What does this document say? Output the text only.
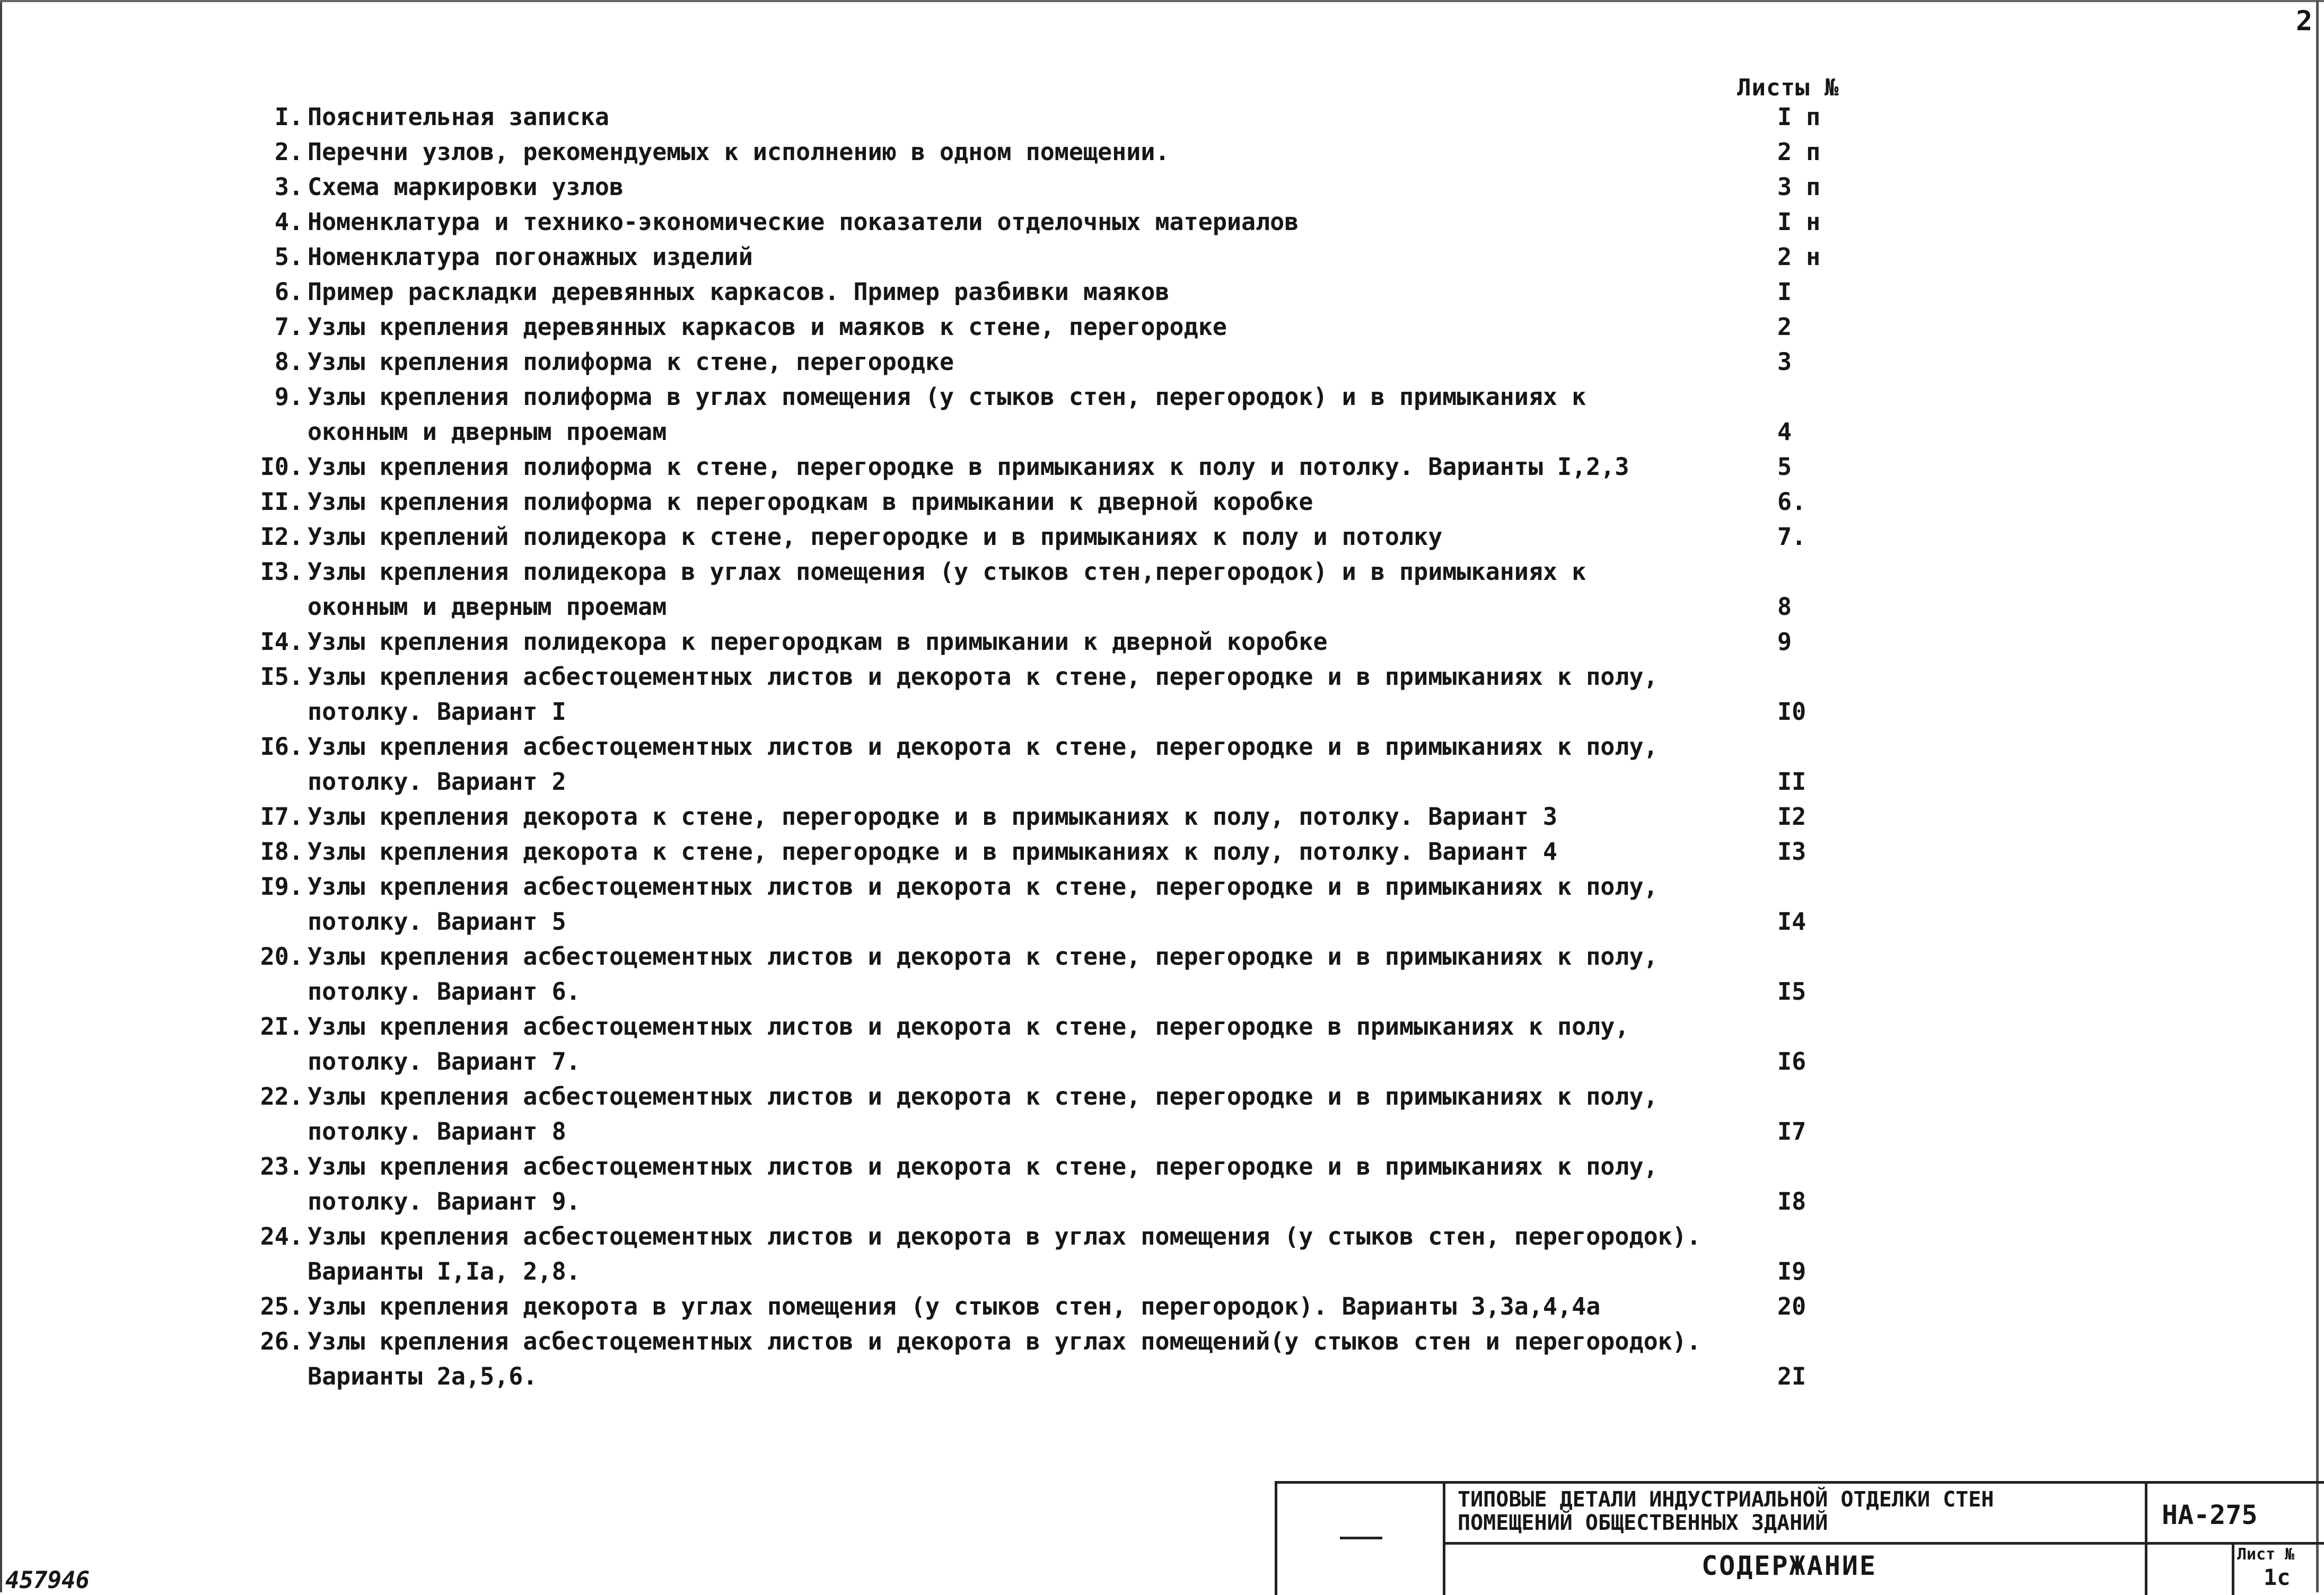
2
Листы №
I. Пояснительная записка	I п
2. Перечни узлов, рекомендуемых к исполнению в одном помещении.	2 п
3. Схема маркировки узлов	3 п
4. Номенклатура и технико-экономические показатели отделочных материалов	I н
5. Номенклатура погонажных изделий	2 н
6. Пример раскладки деревянных каркасов. Пример разбивки маяков	I
7. Узлы крепления деревянных каркасов и маяков к стене, перегородке	2
8. Узлы крепления полиформа к стене, перегородке	3
9. Узлы крепления полиформа в углах помещения (у стыков стен, перегородок) и в примыканиях к
оконным и дверным проемам	4
I0. Узлы крепления полиформа к стене, перегородке в примыканиях к полу и потолку. Варианты I,2,3	5
II. Узлы крепления полиформа к перегородкам в примыкании к дверной коробке	6.
I2. Узлы креплений полидекора к стене, перегородке и в примыканиях к полу и потолку	7.
I3. Узлы крепления полидекора в углах помещения (у стыков стен,перегородок) и в примыканиях к
оконным и дверным проемам	8
I4. Узлы крепления полидекора к перегородкам в примыкании к дверной коробке	9
I5. Узлы крепления асбестоцементных листов и декорота к стене, перегородке и в примыканиях к полу,
потолку. Вариант I	I0
I6. Узлы крепления асбестоцементных листов и декорота к стене, перегородке и в примыканиях к полу,
потолку. Вариант 2	II
I7. Узлы крепления декорота к стене, перегородке и в примыканиях к полу, потолку. Вариант 3	I2
I8. Узлы крепления декорота к стене, перегородке и в примыканиях к полу, потолку. Вариант 4	I3
I9. Узлы крепления асбестоцементных листов и декорота к стене, перегородке и в примыканиях к полу,
потолку. Вариант 5	I4
20. Узлы крепления асбестоцементных листов и декорота к стене, перегородке и в примыканиях к полу,
потолку. Вариант 6.	I5
2I. Узлы крепления асбестоцементных листов и декорота к стене, перегородке в примыканиях к полу,
потолку. Вариант 7.	I6
22. Узлы крепления асбестоцементных листов и декорота к стене, перегородке и в примыканиях к полу,
потолку. Вариант 8	I7
23. Узлы крепления асбестоцементных листов и декорота к стене, перегородке и в примыканиях к полу,
потолку. Вариант 9.	I8
24. Узлы крепления асбестоцементных листов и декорота в углах помещения (у стыков стен, перегородок).
Варианты I,Iа, 2,8.	I9
25. Узлы крепления декорота в углах помещения (у стыков стен, перегородок). Варианты 3,3а,4,4а	20
26. Узлы крепления асбестоцементных листов и декорота в углах помещений(у стыков стен и перегородок).
Варианты 2а,5,6.	2I
ТИПОВЫЕ ДЕТАЛИ ИНДУСТРИАЛЬНОЙ ОТДЕЛКИ СТЕН
ПОМЕЩЕНИЙ ОБЩЕСТВЕННЫХ ЗДАНИЙ
СОДЕРЖАНИЕ
НА-275
Лист №
1с
457946
